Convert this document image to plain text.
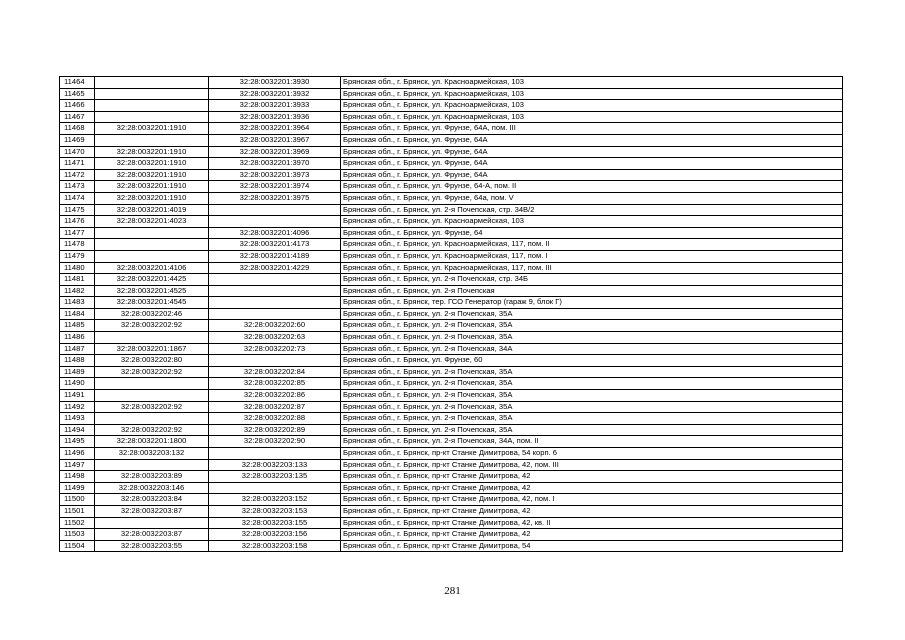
11464		32:28:0032201:3930	Брянская обл., г. Брянск, ул. Красноармейская, 103
11465		32:28:0032201:3932	Брянская обл., г. Брянск, ул. Красноармейская, 103
11466		32:28:0032201:3933	Брянская обл., г. Брянск, ул. Красноармейская, 103
11467		32:28:0032201:3936	Брянская обл., г. Брянск, ул. Красноармейская, 103
11468	32:28:0032201:1910	32:28:0032201:3964	Брянская обл., г. Брянск, ул. Фрунзе, 64А, пом. III
11469		32:28:0032201:3967	Брянская обл., г. Брянск, ул. Фрунзе, 64А
11470	32:28:0032201:1910	32:28:0032201:3969	Брянская обл., г. Брянск, ул. Фрунзе, 64А
11471	32:28:0032201:1910	32:28:0032201:3970	Брянская обл., г. Брянск, ул. Фрунзе, 64А
11472	32:28:0032201:1910	32:28:0032201:3973	Брянская обл., г. Брянск, ул. Фрунзе, 64А
11473	32:28:0032201:1910	32:28:0032201:3974	Брянская обл., г. Брянск, ул. Фрунзе, 64-А, пом. II
11474	32:28:0032201:1910	32:28:0032201:3975	Брянская обл., г. Брянск, ул. Фрунзе, 64а, пом. V
11475	32:28:0032201:4019		Брянская обл., г. Брянск, ул. 2-я Почепская, стр. 34В/2
11476	32:28:0032201:4023		Брянская обл., г. Брянск, ул. Красноармейская, 103
11477		32:28:0032201:4096	Брянская обл., г. Брянск, ул. Фрунзе, 64
11478		32:28:0032201:4173	Брянская обл., г. Брянск, ул. Красноармейская, 117, пом. II
11479		32:28:0032201:4189	Брянская обл., г. Брянск, ул. Красноармейская, 117, пом. I
11480	32:28:0032201:4106	32:28:0032201:4229	Брянская обл., г. Брянск, ул. Красноармейская, 117, пом. III
11481	32:28:0032201:4425		Брянская обл., г. Брянск, ул. 2-я Почепская, стр. 34Б
11482	32:28:0032201:4525		Брянская обл., г. Брянск, ул. 2-я Почепская
11483	32:28:0032201:4545		Брянская обл., г. Брянск, тер. ГСО Генератор (гараж 9, блок Г)
11484	32:28:0032202:46		Брянская обл., г. Брянск, ул. 2-я Почепская, 35А
11485	32:28:0032202:92	32:28:0032202:60	Брянская обл., г. Брянск, ул. 2-я Почепская, 35А
11486		32:28:0032202:63	Брянская обл., г. Брянск, ул. 2-я Почепская, 35А
11487	32:28:0032201:1867	32:28:0032202:73	Брянская обл., г. Брянск, ул. 2-я Почепская, 34А
11488	32:28:0032202:80		Брянская обл., г. Брянск, ул. Фрунзе, 60
11489	32:28:0032202:92	32:28:0032202:84	Брянская обл., г. Брянск, ул. 2-я Почепская, 35А
11490		32:28:0032202:85	Брянская обл., г. Брянск, ул. 2-я Почепская, 35А
11491		32:28:0032202:86	Брянская обл., г. Брянск, ул. 2-я Почепская, 35А
11492	32:28:0032202:92	32:28:0032202:87	Брянская обл., г. Брянск, ул. 2-я Почепская, 35А
11493		32:28:0032202:88	Брянская обл., г. Брянск, ул. 2-я Почепская, 35А
11494	32:28:0032202:92	32:28:0032202:89	Брянская обл., г. Брянск, ул. 2-я Почепская, 35А
11495	32:28:0032201:1800	32:28:0032202:90	Брянская обл., г. Брянск, ул. 2-я Почепская, 34А, пом. II
11496	32:28:0032203:132		Брянская обл., г. Брянск, пр-кт Станке Димитрова, 54 корп. 6
11497		32:28:0032203:133	Брянская обл., г. Брянск, пр-кт Станке Димитрова, 42, пом. III
11498	32:28:0032203:89	32:28:0032203:135	Брянская обл., г. Брянск, пр-кт Станке Димитрова, 42
11499	32:28:0032203:146		Брянская обл., г. Брянск, пр-кт Станке Димитрова, 42
11500	32:28:0032203:84	32:28:0032203:152	Брянская обл., г. Брянск, пр-кт Станке Димитрова, 42, пом. I
11501	32:28:0032203:87	32:28:0032203:153	Брянская обл., г. Брянск, пр-кт Станке Димитрова, 42
11502		32:28:0032203:155	Брянская обл., г. Брянск, пр-кт Станке Димитрова, 42, кв. II
11503	32:28:0032203:87	32:28:0032203:156	Брянская обл., г. Брянск, пр-кт Станке Димитрова, 42
11504	32:28:0032203:55	32:28:0032203:158	Брянская обл., г. Брянск, пр-кт Станке Димитрова, 54
281
